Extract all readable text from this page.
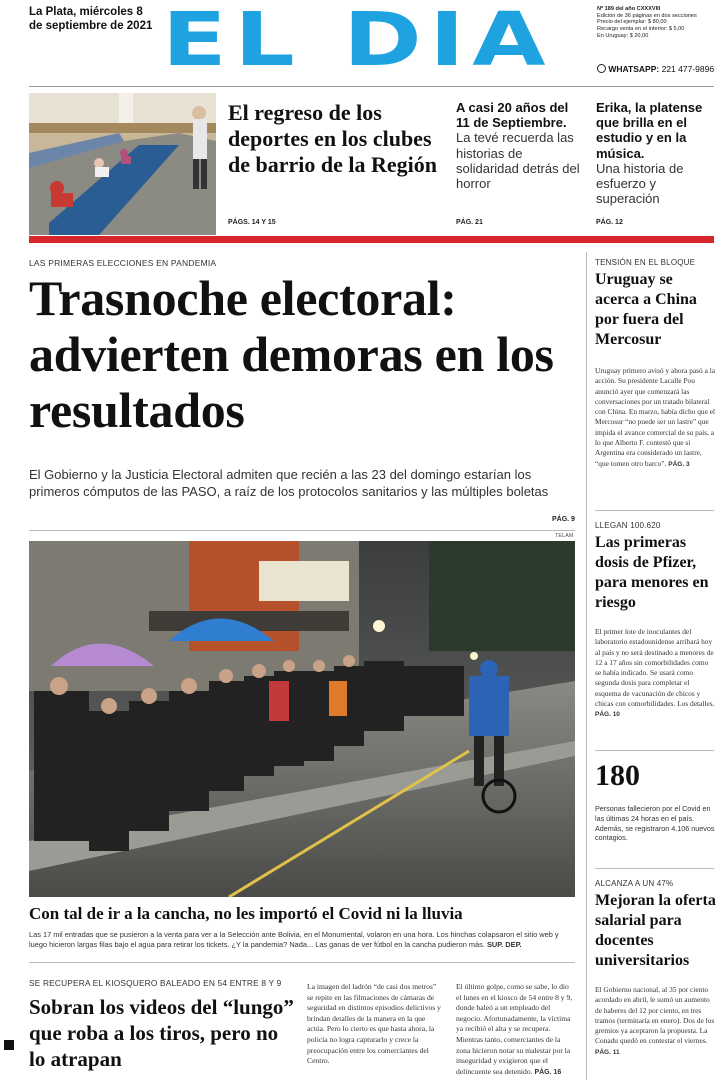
La Plata, miércoles 8 de septiembre de 2021 EL DIA	Nº 189 del año CXXXVIII
Edición de 36 páginas en dos secciones
Precio del ejemplar: $ 80,00
Recargo venta en el interior: $ 5,00
En Uruguay: $ 20,00
WHATSAPP: 221 477-9896
El regreso de los deportes en los clubes de barrio de la Región
PÁGS. 14 Y 15
A casi 20 años del 11 de Septiembre.
La tevé recuerda las historias de solidaridad detrás del horror
PÁG. 21
Erika, la platense que brilla en el estudio y en la música.
Una historia de esfuerzo y superación
PÁG. 12
LAS PRIMERAS ELECCIONES EN PANDEMIA
Trasnoche electoral: advierten demoras en los resultados
El Gobierno y la Justicia Electoral admiten que recién a las 23 del domingo estarían los primeros cómputos de las PASO, a raíz de los protocolos sanitarios y las múltiples boletas
PÁG. 9
TELAM
Con tal de ir a la cancha, no les importó el Covid ni la lluvia
Las 17 mil entradas que se pusieron a la venta para ver a la Selección ante Bolivia, en el Monumental, volaron en una hora. Los hinchas colapsaron el sitio web y luego hicieron largas filas bajo el agua para retirar los tickets. ¿Y la pandemia? Nada... Las ganas de ver fútbol en la cancha pudieron más. SUP. DEP.
SE RECUPERA EL KIOSQUERO BALEADO EN 54 ENTRE 8 Y 9
Sobran los videos del “lungo” que roba a los tiros, pero no lo atrapan
La imagen del ladrón “de casi dos metros” se repite en las filmaciones de cámaras de seguridad en distintos episodios delictivos y brindan detalles de la manera en la que actúa. Pero lo cierto es que hasta ahora, la policía no logra capturarlo y crece la preocupación entre los comerciantes del Centro.
El último golpe, como se sabe, lo dio el lunes en el kiosco de 54 entre 8 y 9, donde baleó a un empleado del negocio. Afortunadamente, la víctima ya recibió el alta y se recupera. Mientras tanto, comerciantes de la zona hicieron notar su malestar por la inseguridad y exigieron que el delincuente sea detenido. PÁG. 16
TENSIÓN EN EL BLOQUE
Uruguay se acerca a China por fuera del Mercosur
Uruguay primero avisó y ahora pasó a la acción. Su presidente Lacalle Pou anunció ayer que comenzará las conversaciones por un tratado bilateral con China. En marzo, había dicho que el Mercosur “no puede ser un lastre” que impida el avance comercial de su país, a lo que Alberto F. contestó que si Argentina era considerado un lastre, “que tomen otro barco”. PÁG. 3
LLEGAN 100.620
Las primeras dosis de Pfizer, para menores en riesgo
El primer lote de inoculantes del laboratorio estadounidense arribará hoy al país y no será destinado a menores de 12 a 17 años sin comorbilidades como se había indicado. Se usará como segunda dosis para completar el esquema de vacunación de chicos y chicas con comorbilidades. Los detalles. PÁG. 10
180
Personas fallecieron por el Covid en las últimas 24 horas en el país. Además, se registraron 4.106 nuevos contagios.
ALCANZA A UN 47%
Mejoran la oferta salarial para docentes universitarios
El Gobierno nacional, al 35 por ciento acordado en abril, le sumó un aumento de haberes del 12 por ciento, en tres tramos (terminaría en enero). Dos de los gremios ya aceptaron la propuesta. La Conadu quedó en contestar el viernes. PÁG. 11
